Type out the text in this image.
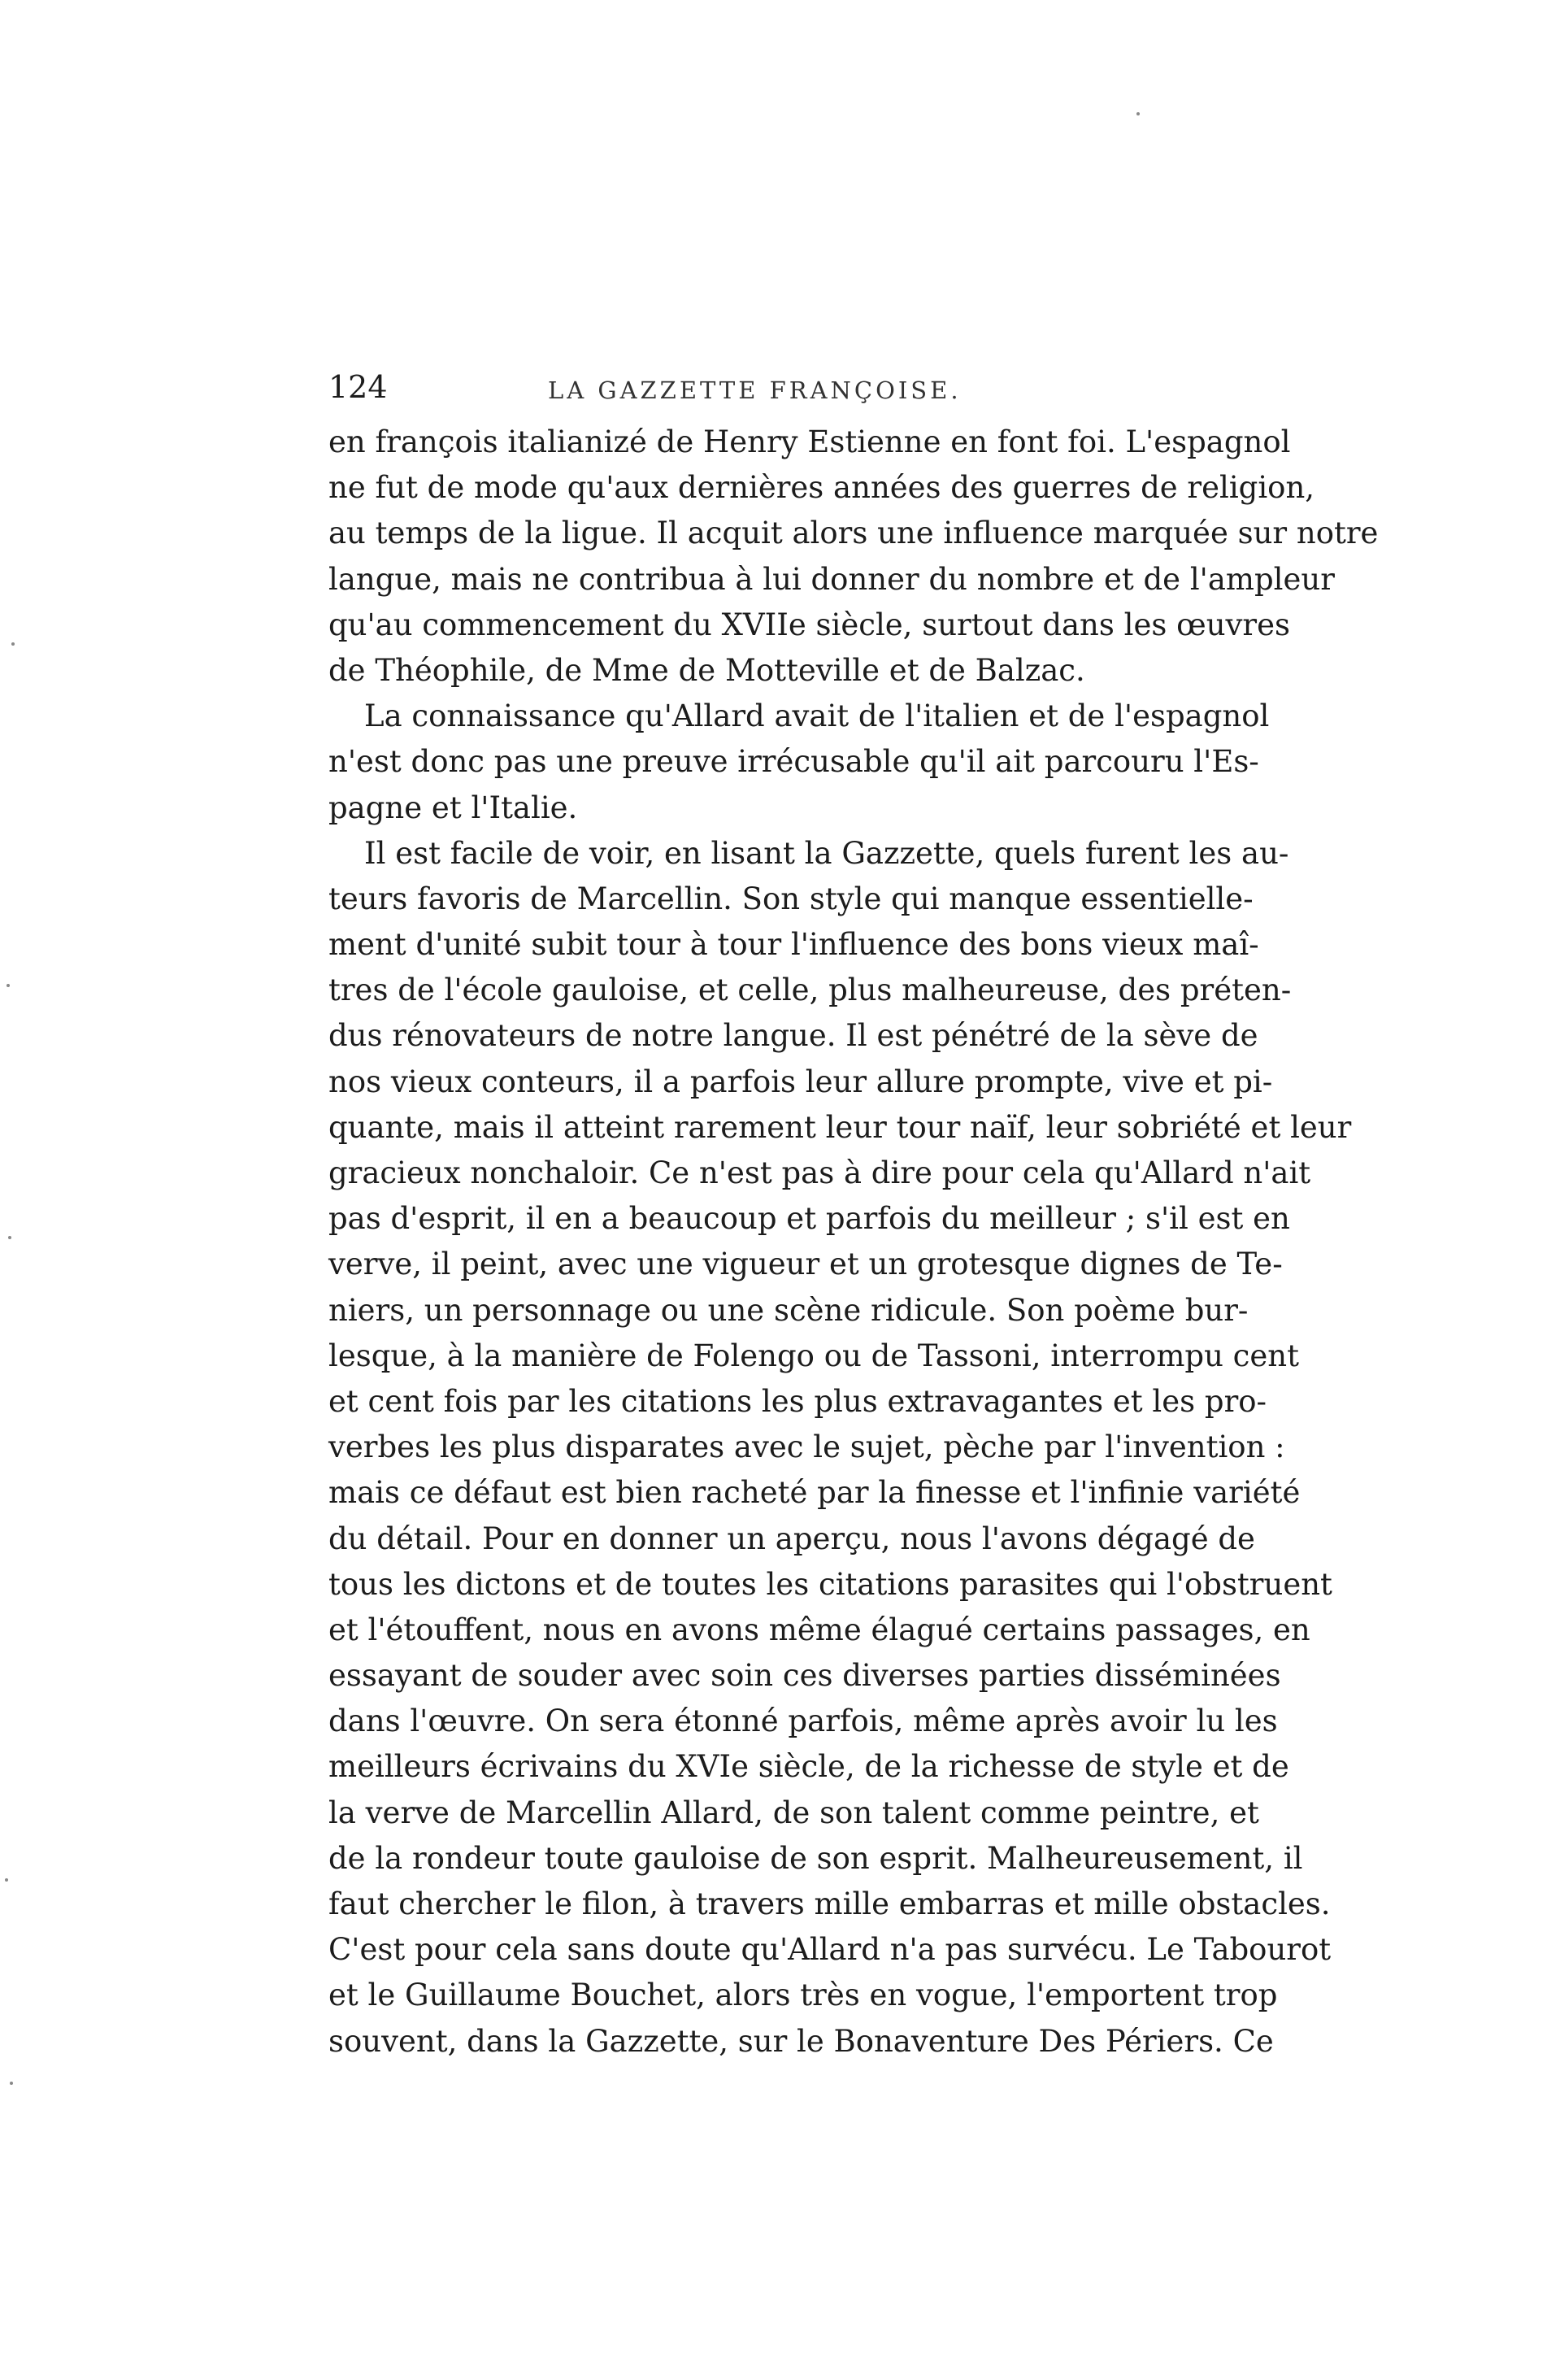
124	LA GAZZETTE FRANÇOISE.
en françois italianizé de Henry Estienne en font foi. L'espagnol
ne fut de mode qu'aux dernières années des guerres de religion,
au temps de la ligue. Il acquit alors une influence marquée sur notre
langue, mais ne contribua à lui donner du nombre et de l'ampleur
qu'au commencement du XVIIe siècle, surtout dans les œuvres
de Théophile, de Mme de Motteville et de Balzac.
La connaissance qu'Allard avait de l'italien et de l'espagnol
n'est donc pas une preuve irrécusable qu'il ait parcouru l'Es-
pagne et l'Italie.
Il est facile de voir, en lisant la Gazzette, quels furent les au-
teurs favoris de Marcellin. Son style qui manque essentielle-
ment d'unité subit tour à tour l'influence des bons vieux maî-
tres de l'école gauloise, et celle, plus malheureuse, des préten-
dus rénovateurs de notre langue. Il est pénétré de la sève de
nos vieux conteurs, il a parfois leur allure prompte, vive et pi-
quante, mais il atteint rarement leur tour naïf, leur sobriété et leur
gracieux nonchaloir. Ce n'est pas à dire pour cela qu'Allard n'ait
pas d'esprit, il en a beaucoup et parfois du meilleur ; s'il est en
verve, il peint, avec une vigueur et un grotesque dignes de Te-
niers, un personnage ou une scène ridicule. Son poème bur-
lesque, à la manière de Folengo ou de Tassoni, interrompu cent
et cent fois par les citations les plus extravagantes et les pro-
verbes les plus disparates avec le sujet, pèche par l'invention :
mais ce défaut est bien racheté par la finesse et l'infinie variété
du détail. Pour en donner un aperçu, nous l'avons dégagé de
tous les dictons et de toutes les citations parasites qui l'obstruent
et l'étouffent, nous en avons même élagué certains passages, en
essayant de souder avec soin ces diverses parties disséminées
dans l'œuvre. On sera étonné parfois, même après avoir lu les
meilleurs écrivains du XVIe siècle, de la richesse de style et de
la verve de Marcellin Allard, de son talent comme peintre, et
de la rondeur toute gauloise de son esprit. Malheureusement, il
faut chercher le filon, à travers mille embarras et mille obstacles.
C'est pour cela sans doute qu'Allard n'a pas survécu. Le Tabourot
et le Guillaume Bouchet, alors très en vogue, l'emportent trop
souvent, dans la Gazzette, sur le Bonaventure Des Périers. Ce
